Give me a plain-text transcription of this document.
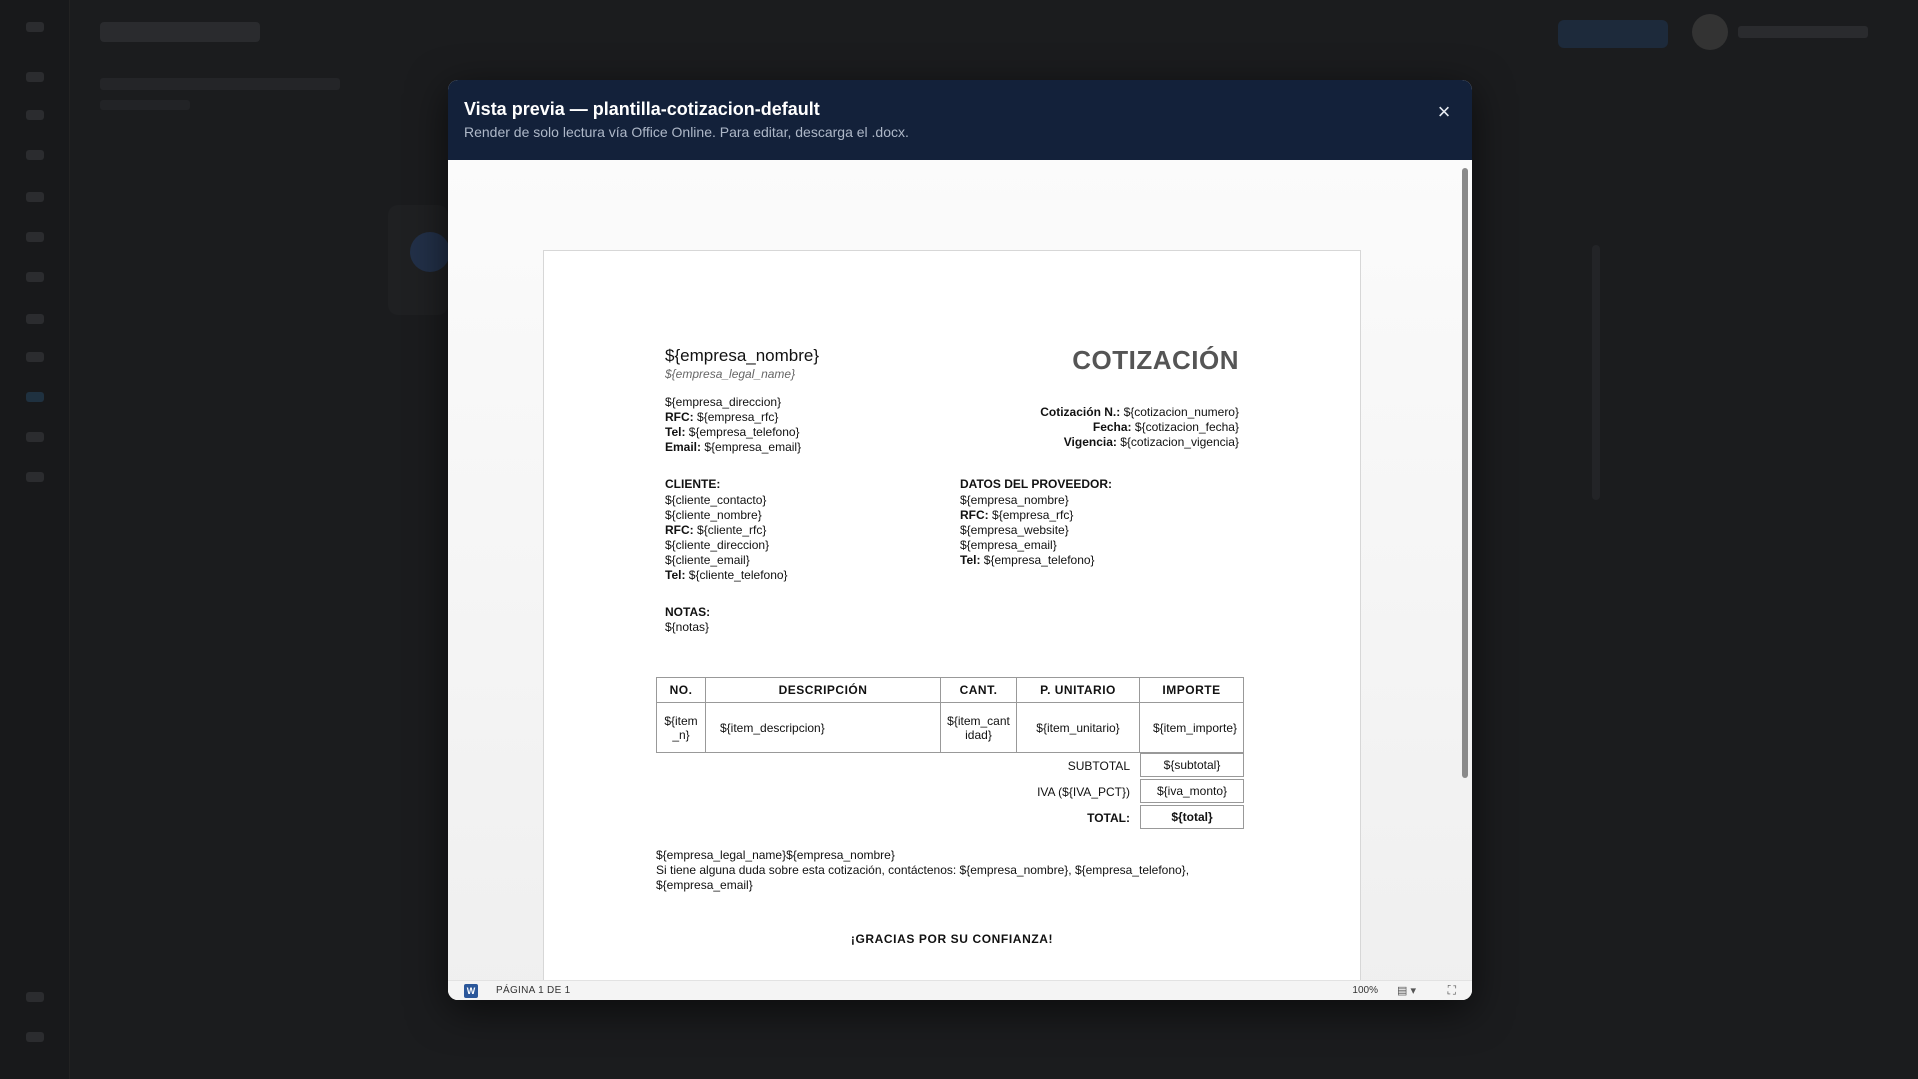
Vista previa — plantilla-cotizacion-default
Render de solo lectura vía Office Online. Para editar, descarga el .docx.
×
${empresa_nombre}
${empresa_legal_name}
${empresa_direccion}
RFC: ${empresa_rfc}
Tel: ${empresa_telefono}
Email: ${empresa_email}
COTIZACIÓN
Cotización N.: ${cotizacion_numero}
Fecha: ${cotizacion_fecha}
Vigencia: ${cotizacion_vigencia}
CLIENTE:
${cliente_contacto}
${cliente_nombre}
RFC: ${cliente_rfc}
${cliente_direccion}
${cliente_email}
Tel: ${cliente_telefono}
DATOS DEL PROVEEDOR:
${empresa_nombre}
RFC: ${empresa_rfc}
${empresa_website}
${empresa_email}
Tel: ${empresa_telefono}
NOTAS:
${notas}
NO.	DESCRIPCIÓN	CANT.	P. UNITARIO	IMPORTE
${item_n}	${item_descripcion}	${item_cantidad}	${item_unitario}	${item_importe}
SUBTOTAL	${subtotal}
IVA (${IVA_PCT})	${iva_monto}
TOTAL:	${total}
${empresa_legal_name}${empresa_nombre}
Si tiene alguna duda sobre esta cotización, contáctenos: ${empresa_nombre}, ${empresa_telefono},
${empresa_email}
¡GRACIAS POR SU CONFIANZA!
W PÁGINA 1 DE 1	100% ▤ ▾	⛶
